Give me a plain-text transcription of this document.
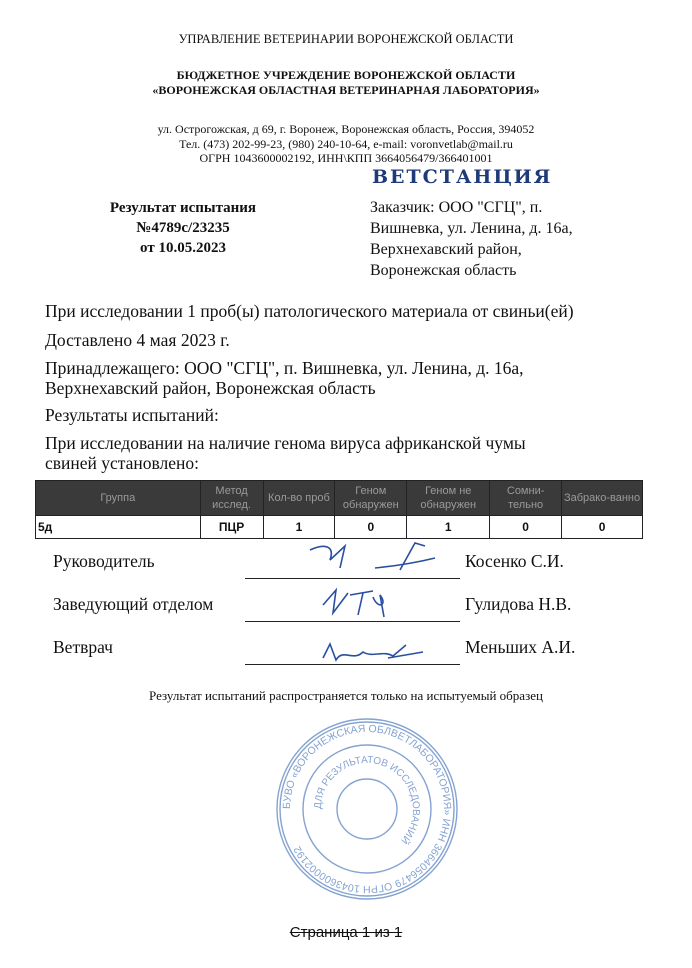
УПРАВЛЕНИЕ ВЕТЕРИНАРИИ ВОРОНЕЖСКОЙ ОБЛАСТИ
БЮДЖЕТНОЕ УЧРЕЖДЕНИЕ ВОРОНЕЖСКОЙ ОБЛАСТИ
«ВОРОНЕЖСКАЯ ОБЛАСТНАЯ ВЕТЕРИНАРНАЯ ЛАБОРАТОРИЯ»
ул. Острогожская, д 69, г. Воронеж, Воронежская область, Россия, 394052
Тел. (473) 202-99-23, (980) 240-10-64, e-mail: voronvetlab@mail.ru
ОГРН 1043600002192, ИНН\КПП 3664056479/366401001
ВЕТСТАНЦИЯ
Результат испытания
№4789с/23235
от 10.05.2023
Заказчик: ООО "СГЦ", п.
Вишневка, ул. Ленина, д. 16а,
Верхнехавский район,
Воронежская область
При исследовании 1 проб(ы) патологического материала от свиньи(ей)
Доставлено 4 мая 2023 г.
Принадлежащего: ООО "СГЦ", п. Вишневка, ул. Ленина, д. 16а,
Верхнехавский район, Воронежская область
Результаты испытаний:
При исследовании на наличие генома вируса африканской чумы
свиней установлено:
Группа	Метод исслед.	Кол-во проб	Геном обнаружен	Геном не обнаружен	Сомни-тельно	Забрако-ванно
5д	ПЦР	1	0	1	0	0
БУВО «ВОРОНЕЖСКАЯ ОБЛВЕТЛАБОРАТОРИЯ» ИНН 3664056479 ОГРН 1043600002192
ДЛЯ РЕЗУЛЬТАТОВ ИССЛЕДОВАНИЙ
Руководитель	Косенко С.И.
Заведующий отделом	Гулидова Н.В.
Ветврач	Меньших А.И.
Результат испытаний распространяется только на испытуемый образец
Страница 1 из 1
